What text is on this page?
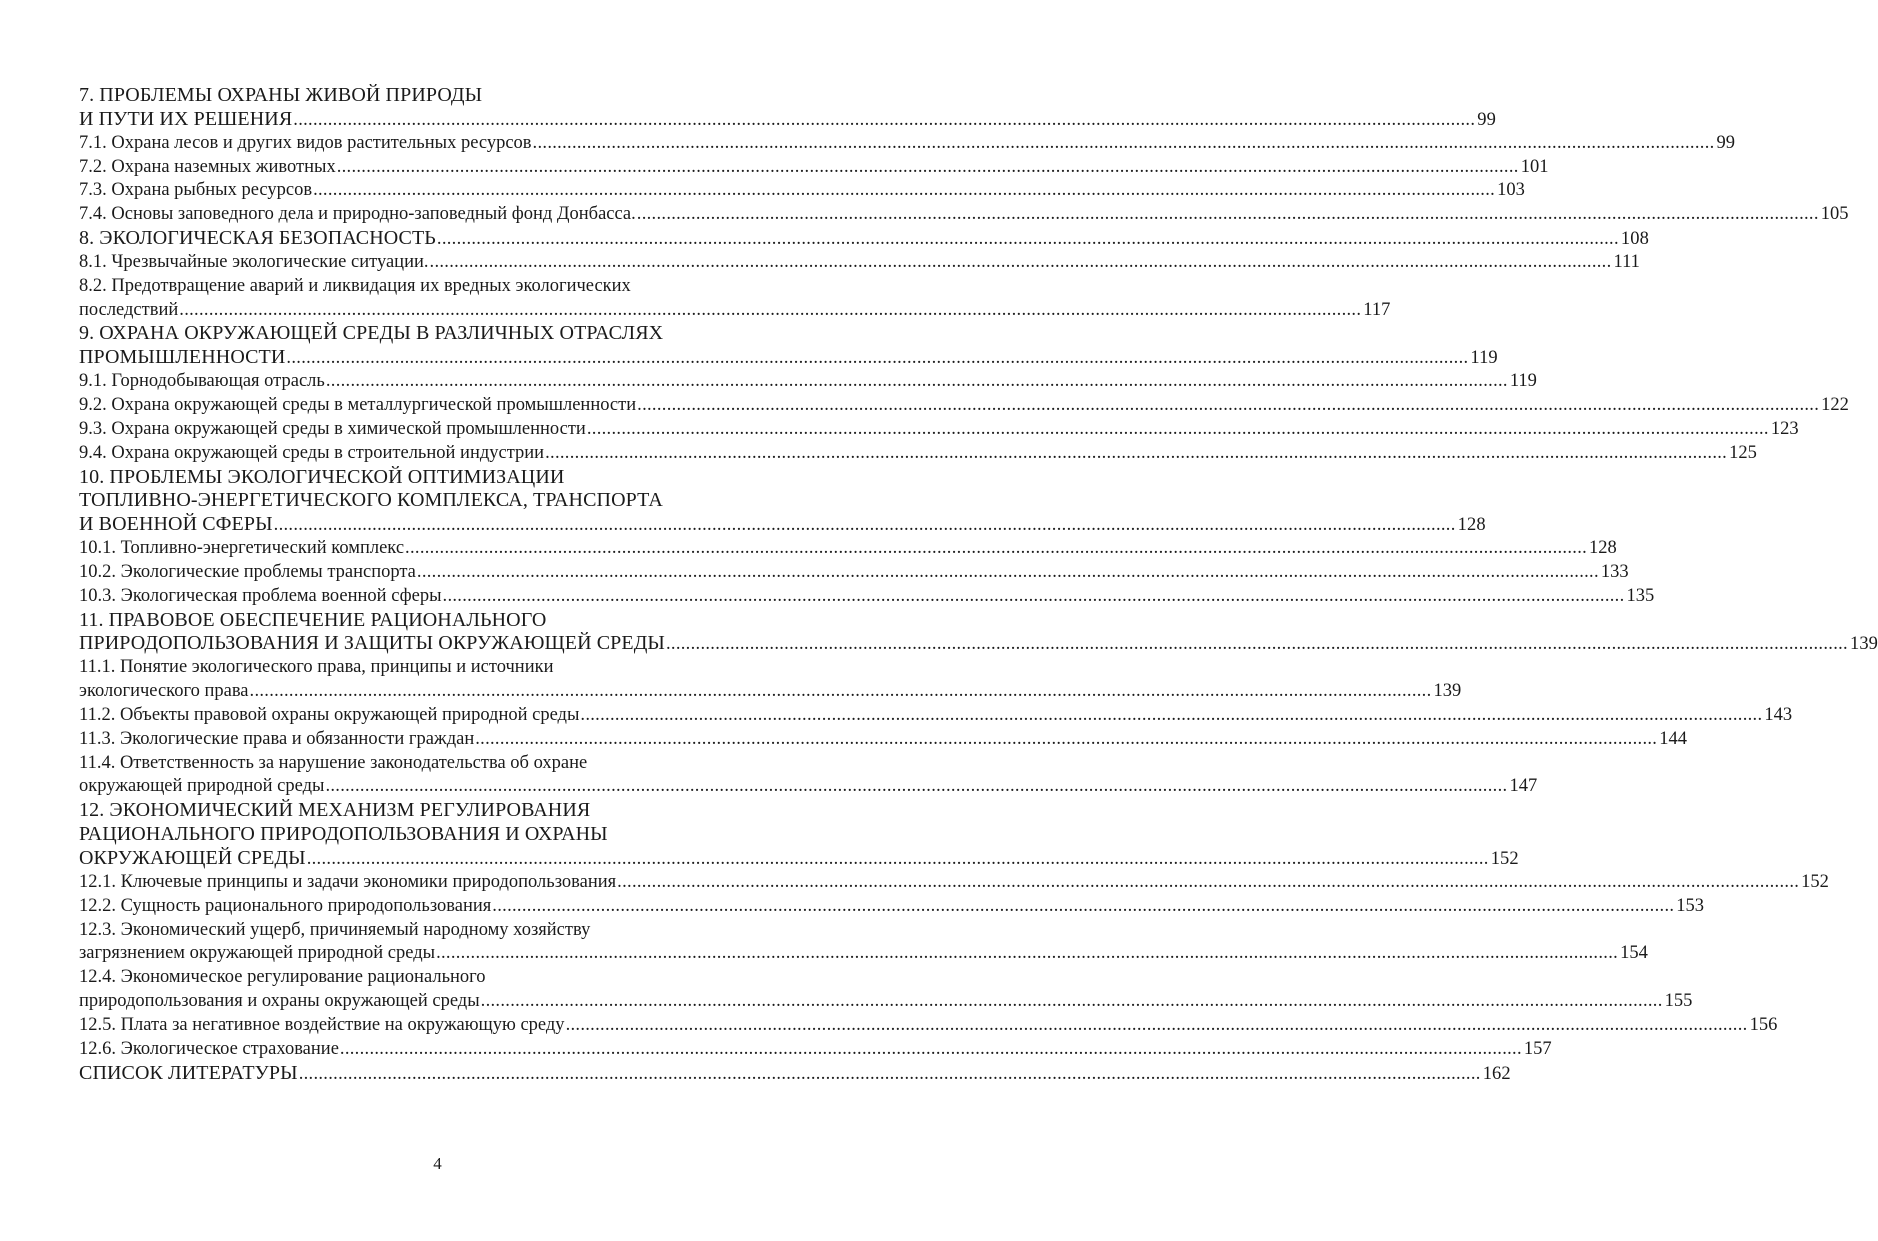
7. ПРОБЛЕМЫ ОХРАНЫ ЖИВОЙ ПРИРОДЫ
И ПУТИ ИХ РЕШЕНИЯ .....	99
7.1. Охрана лесов и других видов растительных ресурсов .....	99
7.2. Охрана наземных животных .....	101
7.3. Охрана рыбных ресурсов .....	103
7.4. Основы заповедного дела и природно-заповедный фонд Донбасса. .....	105
8. ЭКОЛОГИЧЕСКАЯ БЕЗОПАСНОСТЬ .....	108
8.1. Чрезвычайные экологические ситуации. .....	111
8.2. Предотвращение аварий и ликвидация их вредных экологических
последствий .....	117
9. ОХРАНА ОКРУЖАЮЩЕЙ СРЕДЫ В РАЗЛИЧНЫХ ОТРАСЛЯХ
ПРОМЫШЛЕННОСТИ .....	119
9.1. Горнодобывающая отрасль .....	119
9.2. Охрана окружающей среды в металлургической промышленности .....	122
9.3. Охрана окружающей среды в химической промышленности .....	123
9.4. Охрана окружающей среды в строительной индустрии .....	125
10. ПРОБЛЕМЫ ЭКОЛОГИЧЕСКОЙ ОПТИМИЗАЦИИ
ТОПЛИВНО-ЭНЕРГЕТИЧЕСКОГО КОМПЛЕКСА, ТРАНСПОРТА
И ВОЕННОЙ СФЕРЫ .....	128
10.1. Топливно-энергетический комплекс .....	128
10.2. Экологические проблемы транспорта .....	133
10.3. Экологическая проблема военной сферы .....	135
11. ПРАВОВОЕ ОБЕСПЕЧЕНИЕ РАЦИОНАЛЬНОГО
ПРИРОДОПОЛЬЗОВАНИЯ И ЗАЩИТЫ ОКРУЖАЮЩЕЙ СРЕДЫ .....	139
11.1. Понятие экологического права, принципы и источники
экологического права .....	139
11.2. Объекты правовой охраны окружающей природной среды .....	143
11.3. Экологические права и обязанности граждан .....	144
11.4. Ответственность за нарушение законодательства об охране
окружающей природной среды .....	147
12. ЭКОНОМИЧЕСКИЙ МЕХАНИЗМ РЕГУЛИРОВАНИЯ
РАЦИОНАЛЬНОГО ПРИРОДОПОЛЬЗОВАНИЯ И ОХРАНЫ
ОКРУЖАЮЩЕЙ СРЕДЫ .....	152
12.1. Ключевые принципы и задачи экономики природопользования .....	152
12.2. Сущность рационального природопользования .....	153
12.3. Экономический ущерб, причиняемый народному хозяйству
загрязнением окружающей природной среды .....	154
12.4. Экономическое регулирование рационального
природопользования и охраны окружающей среды .....	155
12.5. Плата за негативное воздействие на окружающую среду .....	156
12.6. Экологическое страхование .....	157
СПИСОК ЛИТЕРАТУРЫ .....	162
4
